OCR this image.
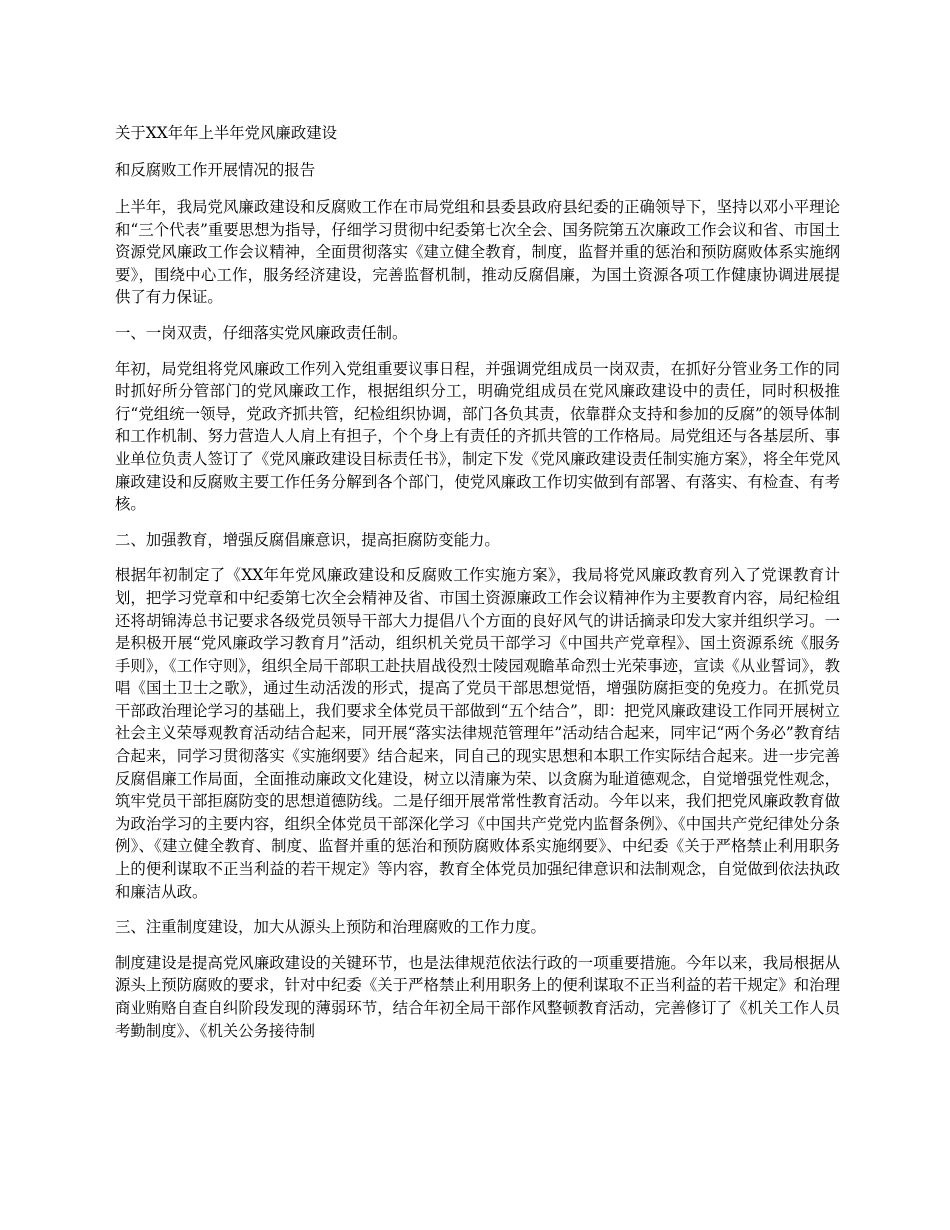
关于XX年年上半年党风廉政建设
和反腐败工作开展情况的报告

上半年，我局党风廉政建设和反腐败工作在市局党组和县委县政府县纪委的正确领导下，坚持以邓小平理论和“三个代表”重要思想为指导，仔细学习贯彻中纪委第七次全会、国务院第五次廉政工作会议和省、市国土资源党风廉政工作会议精神，全面贯彻落实《建立健全教育，制度，监督并重的惩治和预防腐败体系实施纲要》，围绕中心工作，服务经济建设，完善监督机制，推动反腐倡廉，为国土资源各项工作健康协调进展提供了有力保证。

一、一岗双责，仔细落实党风廉政责任制。

年初，局党组将党风廉政工作列入党组重要议事日程，并强调党组成员一岗双责，在抓好分管业务工作的同时抓好所分管部门的党风廉政工作，根据组织分工，明确党组成员在党风廉政建设中的责任，同时积极推行“党组统一领导，党政齐抓共管，纪检组织协调，部门各负其责，依靠群众支持和参加的反腐”的领导体制和工作机制、努力营造人人肩上有担子，个个身上有责任的齐抓共管的工作格局。局党组还与各基层所、事业单位负责人签订了《党风廉政建设目标责任书》，制定下发《党风廉政建设责任制实施方案》，将全年党风廉政建设和反腐败主要工作任务分解到各个部门，使党风廉政工作切实做到有部署、有落实、有检查、有考核。

二、加强教育，增强反腐倡廉意识，提高拒腐防变能力。

根据年初制定了《XX年年党风廉政建设和反腐败工作实施方案》，我局将党风廉政教育列入了党课教育计划，把学习党章和中纪委第七次全会精神及省、市国土资源廉政工作会议精神作为主要教育内容，局纪检组还将胡锦涛总书记要求各级党员领导干部大力提倡八个方面的良好风气的讲话摘录印发大家并组织学习。一是积极开展“党风廉政学习教育月”活动，组织机关党员干部学习《中国共产党章程》、国土资源系统《服务手则》，《工作守则》，组织全局干部职工赴扶眉战役烈士陵园观瞻革命烈士光荣事迹，宣读《从业誓词》，教唱《国土卫士之歌》，通过生动活泼的形式，提高了党员干部思想觉悟，增强防腐拒变的免疫力。在抓党员干部政治理论学习的基础上，我们要求全体党员干部做到“五个结合”，即：把党风廉政建设工作同开展树立社会主义荣辱观教育活动结合起来，同开展“落实法律规范管理年”活动结合起来，同牢记“两个务必”教育结合起来，同学习贯彻落实《实施纲要》结合起来，同自己的现实思想和本职工作实际结合起来。进一步完善反腐倡廉工作局面，全面推动廉政文化建设，树立以清廉为荣、以贪腐为耻道德观念，自觉增强党性观念，筑牢党员干部拒腐防变的思想道德防线。二是仔细开展常常性教育活动。今年以来，我们把党风廉政教育做为政治学习的主要内容，组织全体党员干部深化学习《中国共产党党内监督条例》、《中国共产党纪律处分条例》、《建立健全教育、制度、监督并重的惩治和预防腐败体系实施纲要》、中纪委《关于严格禁止利用职务上的便利谋取不正当利益的若干规定》等内容，教育全体党员加强纪律意识和法制观念，自觉做到依法执政和廉洁从政。

三、注重制度建设，加大从源头上预防和治理腐败的工作力度。

制度建设是提高党风廉政建设的关键环节，也是法律规范依法行政的一项重要措施。今年以来，我局根据从源头上预防腐败的要求，针对中纪委《关于严格禁止利用职务上的便利谋取不正当利益的若干规定》和治理商业贿赂自查自纠阶段发现的薄弱环节，结合年初全局干部作风整顿教育活动，完善修订了《机关工作人员考勤制度》、《机关公务接待制
